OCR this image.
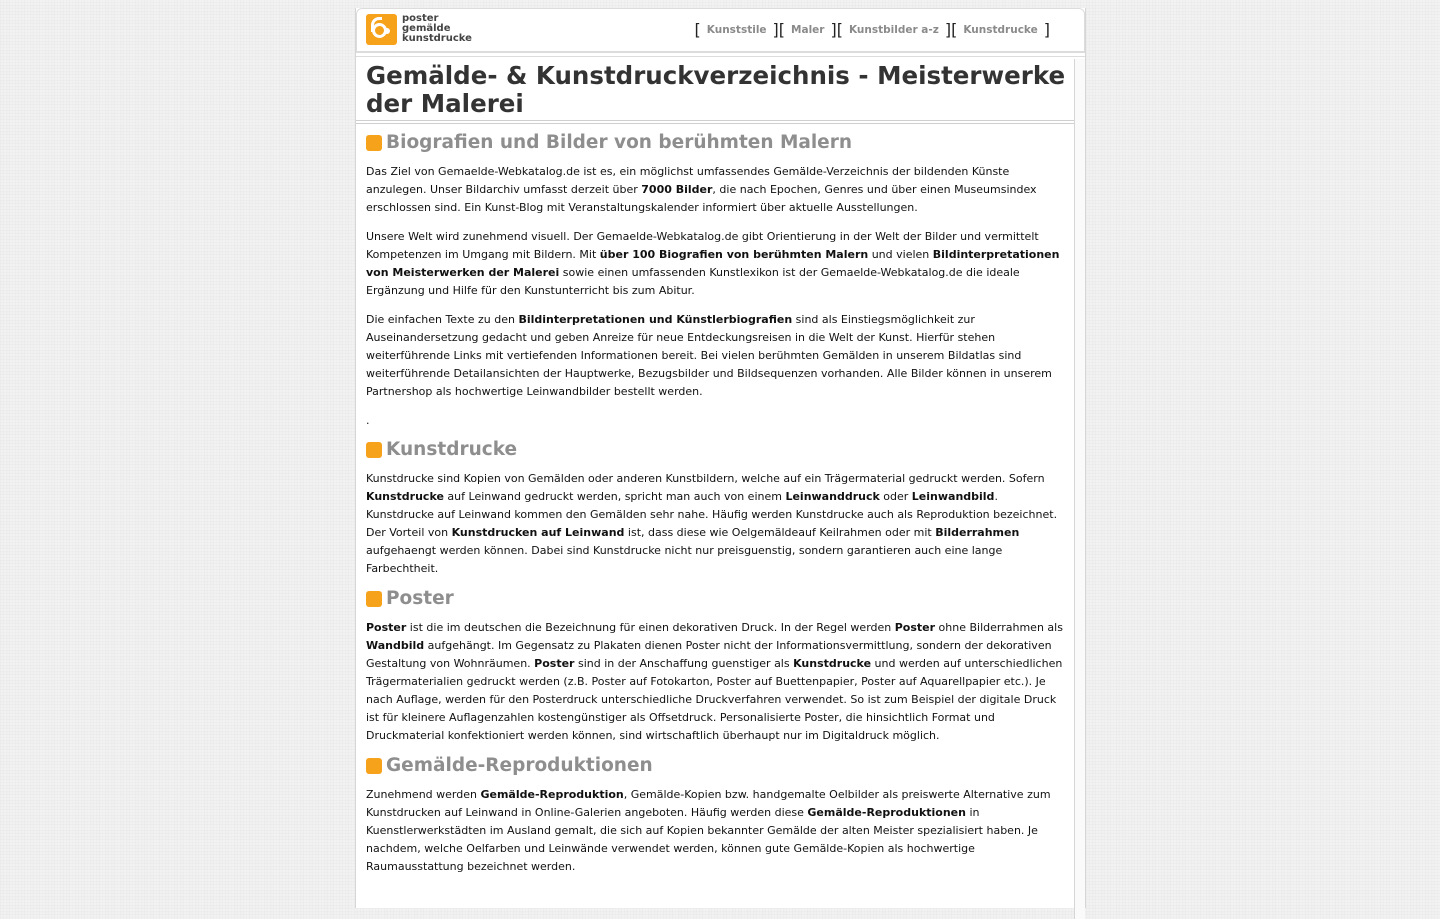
poster
gemälde
kunstdrucke	[ Kunststile ][ Maler ][ Kunstbilder a-z ][ Kunstdrucke ]
Gemälde- & Kunstdruckverzeichnis - Meisterwerke der Malerei
Biografien und Bilder von berühmten Malern

Das Ziel von Gemaelde-Webkatalog.de ist es, ein möglichst umfassendes Gemälde-Verzeichnis der bildenden Künste anzulegen. Unser Bildarchiv umfasst derzeit über 7000 Bilder, die nach Epochen, Genres und über einen Museumsindex erschlossen sind. Ein Kunst-Blog mit Veranstaltungskalender informiert über aktuelle Ausstellungen.

Unsere Welt wird zunehmend visuell. Der Gemaelde-Webkatalog.de gibt Orientierung in der Welt der Bilder und vermittelt Kompetenzen im Umgang mit Bildern. Mit über 100 Biografien von berühmten Malern und vielen Bildinterpretationen von Meisterwerken der Malerei sowie einen umfassenden Kunstlexikon ist der Gemaelde-Webkatalog.de die ideale Ergänzung und Hilfe für den Kunstunterricht bis zum Abitur.

Die einfachen Texte zu den Bildinterpretationen und Künstlerbiografien sind als Einstiegsmöglichkeit zur Auseinandersetzung gedacht und geben Anreize für neue Entdeckungsreisen in die Welt der Kunst. Hierfür stehen weiterführende Links mit vertiefenden Informationen bereit. Bei vielen berühmten Gemälden in unserem Bildatlas sind weiterführende Detailansichten der Hauptwerke, Bezugsbilder und Bildsequenzen vorhanden. Alle Bilder können in unserem Partnershop als hochwertige Leinwandbilder bestellt werden.

.

Kunstdrucke

Kunstdrucke sind Kopien von Gemälden oder anderen Kunstbildern, welche auf ein Trägermaterial gedruckt werden. Sofern Kunstdrucke auf Leinwand gedruckt werden, spricht man auch von einem Leinwanddruck oder Leinwandbild. Kunstdrucke auf Leinwand kommen den Gemälden sehr nahe. Häufig werden Kunstdrucke auch als Reproduktion bezeichnet. Der Vorteil von Kunstdrucken auf Leinwand ist, dass diese wie Oelgemäldeauf Keilrahmen oder mit Bilderrahmen aufgehaengt werden können. Dabei sind Kunstdrucke nicht nur preisguenstig, sondern garantieren auch eine lange Farbechtheit.

Poster

Poster ist die im deutschen die Bezeichnung für einen dekorativen Druck. In der Regel werden Poster ohne Bilderrahmen als Wandbild aufgehängt. Im Gegensatz zu Plakaten dienen Poster nicht der Informationsvermittlung, sondern der dekorativen Gestaltung von Wohnräumen. Poster sind in der Anschaffung guenstiger als Kunstdrucke und werden auf unterschiedlichen Trägermaterialien gedruckt werden (z.B. Poster auf Fotokarton, Poster auf Buettenpapier, Poster auf Aquarellpapier etc.). Je nach Auflage, werden für den Posterdruck unterschiedliche Druckverfahren verwendet. So ist zum Beispiel der digitale Druck ist für kleinere Auflagenzahlen kostengünstiger als Offsetdruck. Personalisierte Poster, die hinsichtlich Format und Druckmaterial konfektioniert werden können, sind wirtschaftlich überhaupt nur im Digitaldruck möglich.

Gemälde-Reproduktionen

Zunehmend werden Gemälde-Reproduktion, Gemälde-Kopien bzw. handgemalte Oelbilder als preiswerte Alternative zum Kunstdrucken auf Leinwand in Online-Galerien angeboten. Häufig werden diese Gemälde-Reproduktionen in Kuenstlerwerkstädten im Ausland gemalt, die sich auf Kopien bekannter Gemälde der alten Meister spezialisiert haben. Je nachdem, welche Oelfarben und Leinwände verwendet werden, können gute Gemälde-Kopien als hochwertige Raumausstattung bezeichnet werden.
